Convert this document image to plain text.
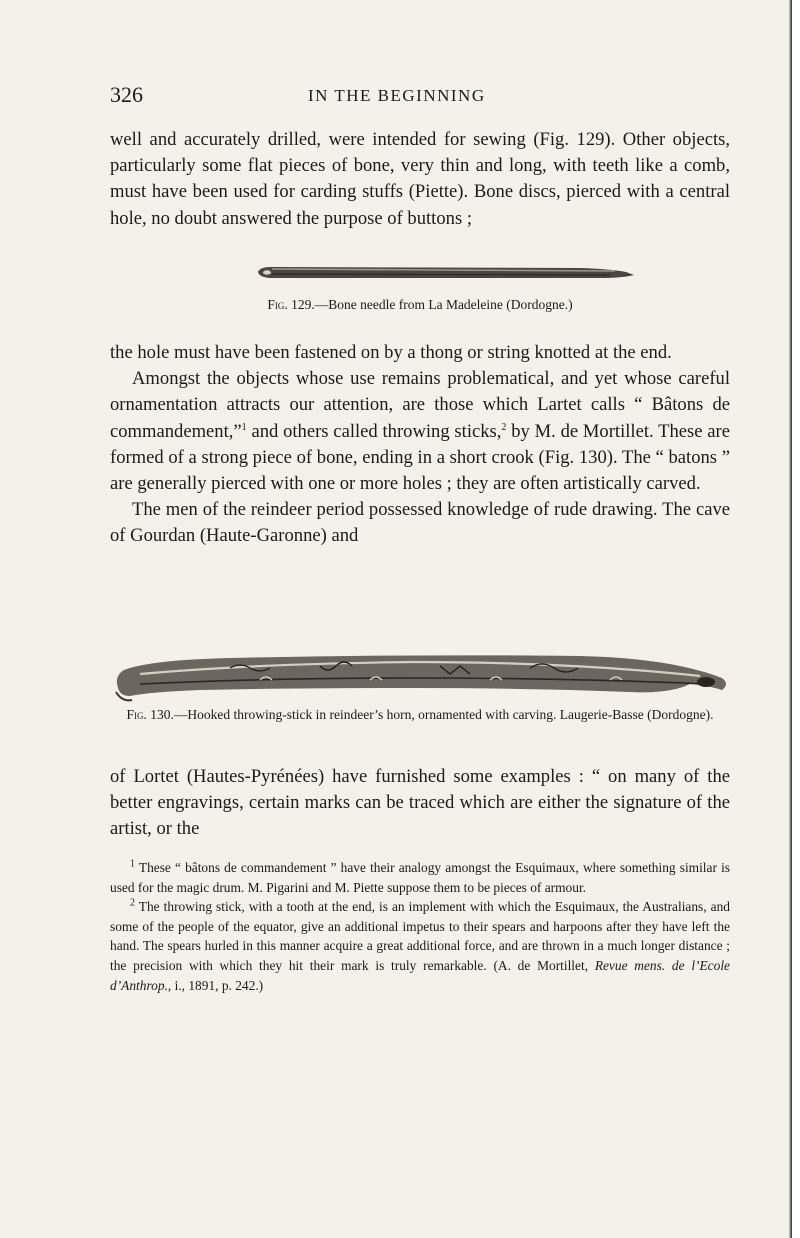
326	IN THE BEGINNING

well and accurately drilled, were intended for sewing (Fig. 129). Other objects, particularly some flat pieces of bone, very thin and long, with teeth like a comb, must have been used for carding stuffs (Piette). Bone discs, pierced with a central hole, no doubt answered the purpose of buttons ;

Fig. 129.—Bone needle from La Madeleine (Dordogne.)

the hole must have been fastened on by a thong or string knotted at the end.
Amongst the objects whose use remains problematical, and yet whose careful ornamentation attracts our attention, are those which Lartet calls “ Bâtons de commandement,”$^1$ and others called throwing sticks,$^2$ by M. de Mortillet. These are formed of a strong piece of bone, ending in a short crook (Fig. 130). The “ batons ” are generally pierced with one or more holes ; they are often artistically carved.
The men of the reindeer period possessed knowledge of rude drawing. The cave of Gourdan (Haute-Garonne) and

Fig. 130.—Hooked throwing-stick in reindeer’s horn, ornamented with carving. Laugerie-Basse (Dordogne).

of Lortet (Hautes-Pyrénées) have furnished some examples : “ on many of the better engravings, certain marks can be traced which are either the signature of the artist, or the

$^1$ These “ bâtons de commandement ” have their analogy amongst the Esquimaux, where something similar is used for the magic drum. M. Pigarini and M. Piette suppose them to be pieces of armour.

$^2$ The throwing stick, with a tooth at the end, is an implement with which the Esquimaux, the Australians, and some of the people of the equator, give an additional impetus to their spears and harpoons after they have left the hand. The spears hurled in this manner acquire a great additional force, and are thrown in a much longer distance ; the precision with which they hit their mark is truly remarkable. (A. de Mortillet, Revue mens. de l’Ecole d’Anthrop., i., 1891, p. 242.)
